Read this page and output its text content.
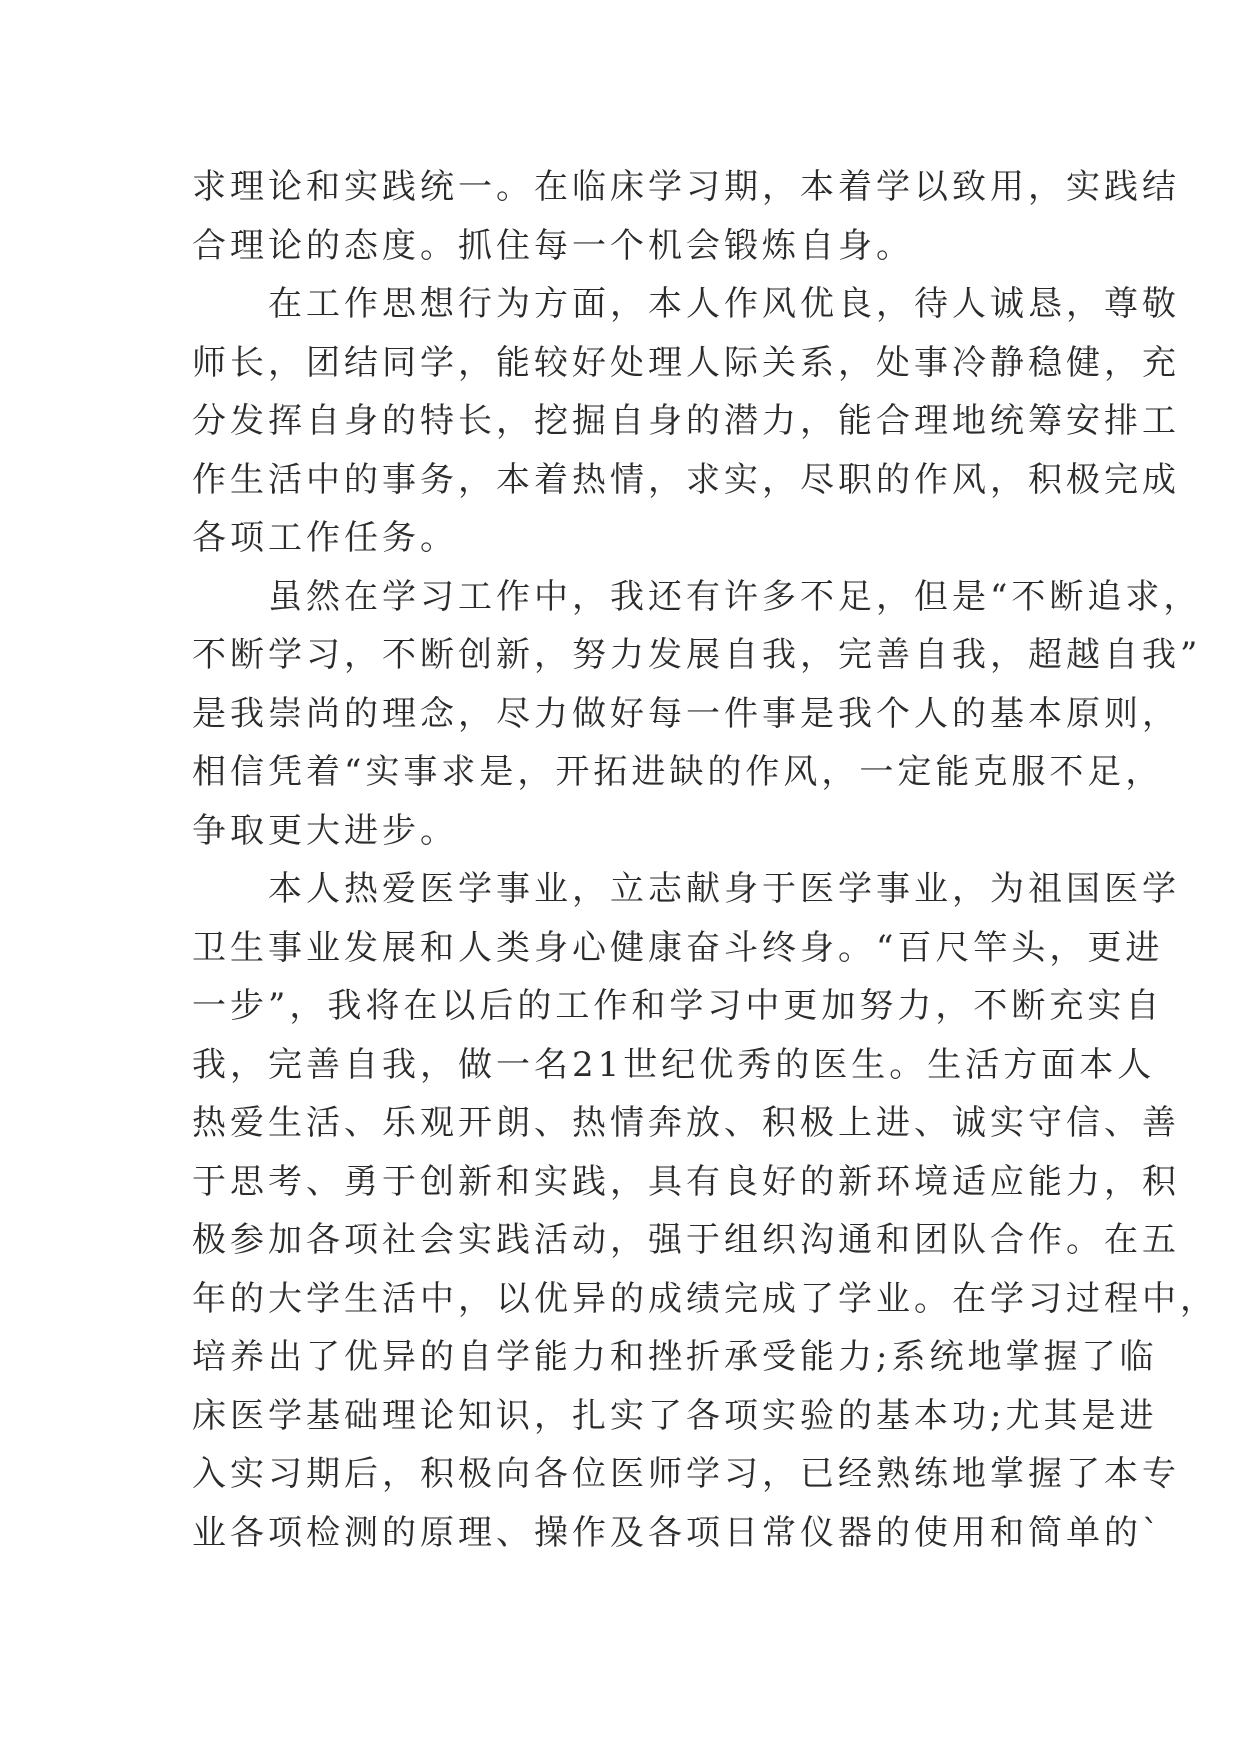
求理论和实践统一。在临床学习期，本着学以致用，实践结
合理论的态度。抓住每一个机会锻炼自身。
在工作思想行为方面，本人作风优良，待人诚恳，尊敬
师长，团结同学，能较好处理人际关系，处事冷静稳健，充
分发挥自身的特长，挖掘自身的潜力，能合理地统筹安排工
作生活中的事务，本着热情，求实，尽职的作风，积极完成
各项工作任务。
虽然在学习工作中，我还有许多不足，但是“不断追求，
不断学习，不断创新，努力发展自我，完善自我，超越自我”
是我崇尚的理念，尽力做好每一件事是我个人的基本原则，
相信凭着“实事求是，开拓进缺的作风，一定能克服不足，
争取更大进步。
本人热爱医学事业，立志献身于医学事业，为祖国医学
卫生事业发展和人类身心健康奋斗终身。“百尺竿头，更进
一步”，我将在以后的工作和学习中更加努力，不断充实自
我，完善自我，做一名21世纪优秀的医生。生活方面本人
热爱生活、乐观开朗、热情奔放、积极上进、诚实守信、善
于思考、勇于创新和实践，具有良好的新环境适应能力，积
极参加各项社会实践活动，强于组织沟通和团队合作。在五
年的大学生活中，以优异的成绩完成了学业。在学习过程中，
培养出了优异的自学能力和挫折承受能力;系统地掌握了临
床医学基础理论知识，扎实了各项实验的基本功;尤其是进
入实习期后，积极向各位医师学习，已经熟练地掌握了本专
业各项检测的原理、操作及各项日常仪器的使用和简单的`
